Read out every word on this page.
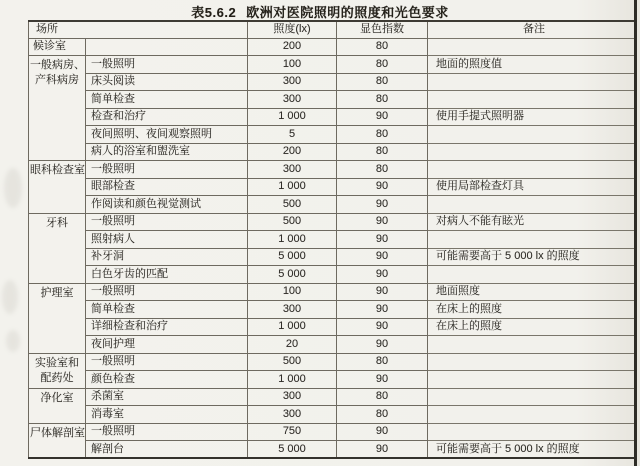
表5.6.2 欧洲对医院照明的照度和光色要求
场所		照度(lx)	显色指数	备注
候诊室		200	80	

一般病房、
产科病房	一般照明	100	80	地面的照度值
	床头阅读	300	80	
	简单检查	300	80	
	检查和治疗	1 000	90	使用手提式照明器
	夜间照明、夜间观察照明	5	80	
	病人的浴室和盥洗室	200	80	

眼科检查室	一般照明	300	80	
	眼部检查	1 000	90	使用局部检查灯具
	作阅读和颜色视觉测试	500	90	

牙科	一般照明	500	90	对病人不能有眩光
	照射病人	1 000	90	
	补牙洞	5 000	90	可能需要高于 5 000 lx 的照度
	白色牙齿的匹配	5 000	90	

护理室	一般照明	100	90	地面照度
	简单检查	300	90	在床上的照度
	详细检查和治疗	1 000	90	在床上的照度
	夜间护理	20	90	

实验室和
配药处	一般照明	500	80	
	颜色检查	1 000	90	

净化室	杀菌室	300	80	
	消毒室	300	80	

尸体解剖室	一般照明	750	90	
	解剖台	5 000	90	可能需要高于 5 000 lx 的照度
